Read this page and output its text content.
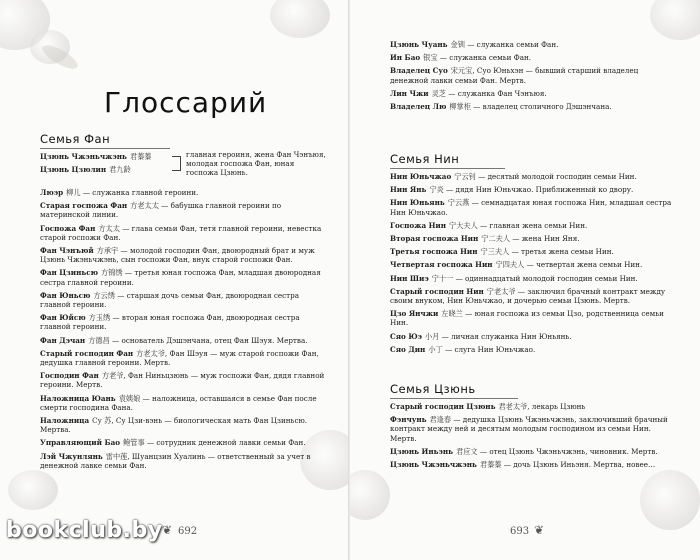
Глоссарий
Семья Фан
Цзюнь Чжэньчжэнь 君蓁蓁
Цзюнь Цзюлин 君九龄
главная героиня, жена Фан Чэнъюя, молодая госпожа Фан, юная госпожа Цзюнь.
Люэр 柳儿 — служанка главной героини.
Старая госпожа Фан 方老太太 — бабушка главной героини по материнской линии.
Госпожа Фан 方太太 — глава семьи Фан, тетя главной героини, невестка старой госпожи Фан.
Фан Чэнъюй 方承宇 — молодой господин Фан, двоюродный брат и муж Цзюнь Чжэньчжэнь, сын госпожи Фан, внук старой госпожи Фан.
Фан Цзиньсю 方锦绣 — третья юная госпожа Фан, младшая двоюродная сестра главной героини.
Фан Юньсю 方云绣 — старшая дочь семьи Фан, двоюродная сестра главной героини.
Фан Юйсю 方玉绣 — вторая юная госпожа Фан, двоюродная сестра главной героини.
Фан Дэчан 方德昌 — основатель Дэшэнчана, отец Фан Шэуя. Мертва.
Старый господин Фан 方老太爷, Фан Шэуя — муж старой госпожи Фан, дедушка главной героини. Мертв.
Господин Фан 方老爷, Фан Ниньцзюнь — муж госпожи Фан, дядя главной героини. Мертв.
Наложница Юань 袁姨娘 — наложница, оставшаяся в семье Фан после смерти господина Фана.
Наложница Су 苏, Су Цзи-вэнь — биологическая мать Фан Цзиньсю. Мертва.
Управляющий Бао 鲍管事 — сотрудник денежной лавки семьи Фан.
Лэй Чжунлянь 雷中莲, Шуанцзин Хуалинь — ответственный за учет в денежной лавке семьи Фан.
❦ 692
Цзюнь Чуань 金钏 — служанка семьи Фан.
Ин Бао 银宝 — служанка семьи Фан.
Владелец Суо 宋元宝, Суо Юньхэн — бывший старший владелец денежной лавки семьи Фан. Мертв.
Лин Чжи 灵芝 — служанка Фан Чэнъюя.
Владелец Лю 柳掌柜 — владелец столичного Дэшэнчана.
Семья Нин
Нин Юньчжао 宁云钊 — десятый молодой господин семьи Нин.
Нин Янь 宁炎 — дядя Нин Юньчжао. Приближенный ко двору.
Нин Юньянь 宁云燕 — семнадцатая юная госпожа Нин, младшая сестра Нин Юньчжао.
Госпожа Нин 宁大夫人 — главная жена семьи Нин.
Вторая госпожа Нин 宁二夫人 — жена Нин Яня.
Третья госпожа Нин 宁三夫人 — третья жена семьи Нин.
Четвертая госпожа Нин 宁四夫人 — четвертая жена семьи Нин.
Нин Шиэ 宁十一 — одиннадцатый молодой господин семьи Нин.
Старый господин Нин 宁老太爷 — заключил брачный контракт между своим внуком, Нин Юньчжао, и дочерью семьи Цзюнь. Мертв.
Цзо Янчжи 左晓兰 — юная госпожа из семьи Цзо, родственница семьи Нин.
Сяо Юэ 小月 — личная служанка Нин Юньянь.
Сяо Дин 小丁 — слуга Нин Юньчжао.
Семья Цзюнь
Старый господин Цзюнь 君老太爷, лекарь Цзюнь
Фэнчунь 君逢春 — дедушка Цзюнь Чжэньчжэнь, заключивший брачный контракт между ней и десятым молодым господином из семьи Нин. Мертв.
Цзюнь Иньэнь 君应文 — отец Цзюнь Чжэньчжэнь, чиновник. Мертв.
Цзюнь Чжэньчжэнь 君蓁蓁 — дочь Цзюнь Иньэня. Мертва, новее…
693 ❦
bookclub.by
